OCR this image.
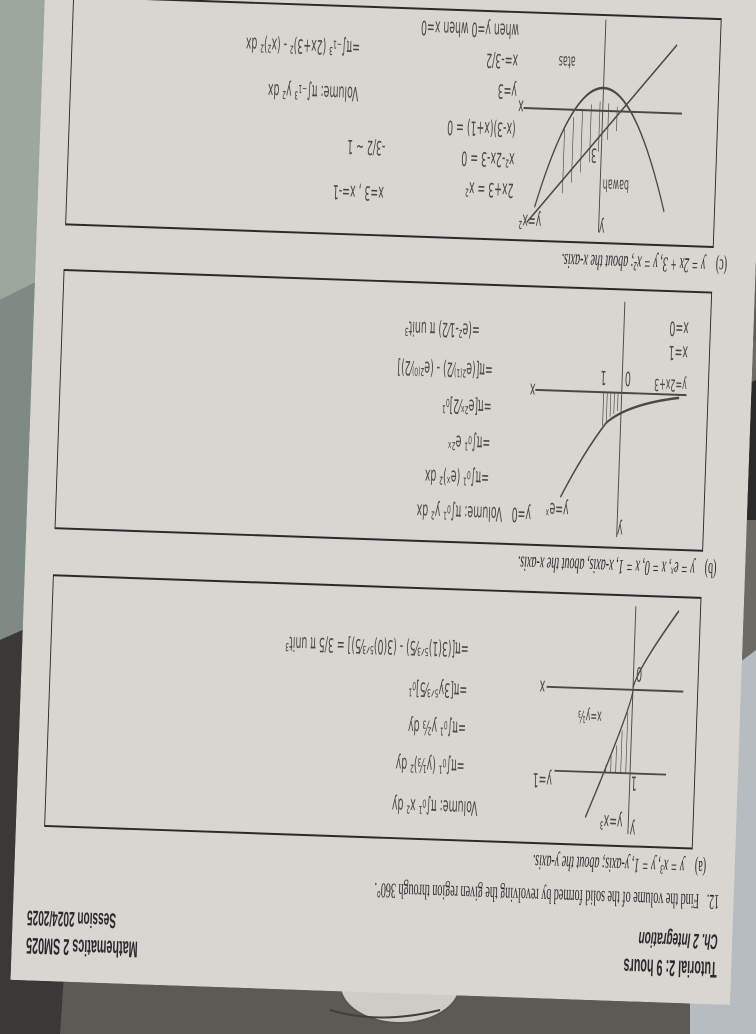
Tutorial 2: 9 hours
Ch. 2 Integration
Mathematics 2 SM025
Session 2024/2025
12.
Find the volume of the solid formed by revolving the given region through 360°.
(a)
y = x³, y = 1, y-axis; about the y-axis.
y=x³
y=1
y
x
0
1
x=y⅓
Volume: π∫₀¹ x² dy
=π∫₀¹ (y⅓)² dy
=π∫₀¹ y⅔ dy
=π[3y⁵ᐟ³⁄5]₀¹
=π[(3(1)⁵ᐟ³⁄5) - (3(0)⁵ᐟ³⁄5)] = 3/5 π unit³
(b)
y = eˣ, x = 0, x = 1, x-axis, about the x-axis.
y
y=eˣ
x
0
1
x=0
x=1
y=0
y=2x+3
Volume: π∫₀¹ y² dx
=π∫₀¹ (eˣ)² dx
=π∫₀¹ e²ˣ
=π[e²ˣ⁄2]₀¹
=π[(e²⁽¹⁾⁄2) - (e²⁽⁰⁾⁄2)]
=(e²-1⁄2) π unit³
(c)
y = 2x + 3, y = x²; about the x-axis.
y=x²	y
3
x
bawah
atas
x=-3/2
y=3
when y=0 when x=0
2x+3 = x²
x²-2x-3 = 0
(x-3)(x+1) = 0
x=3 , x=-1
-3/2 ~ 1
Volume: π∫₋₁³ y² dx
=π∫₋₁³ (2x+3)² - (x²)² dx
